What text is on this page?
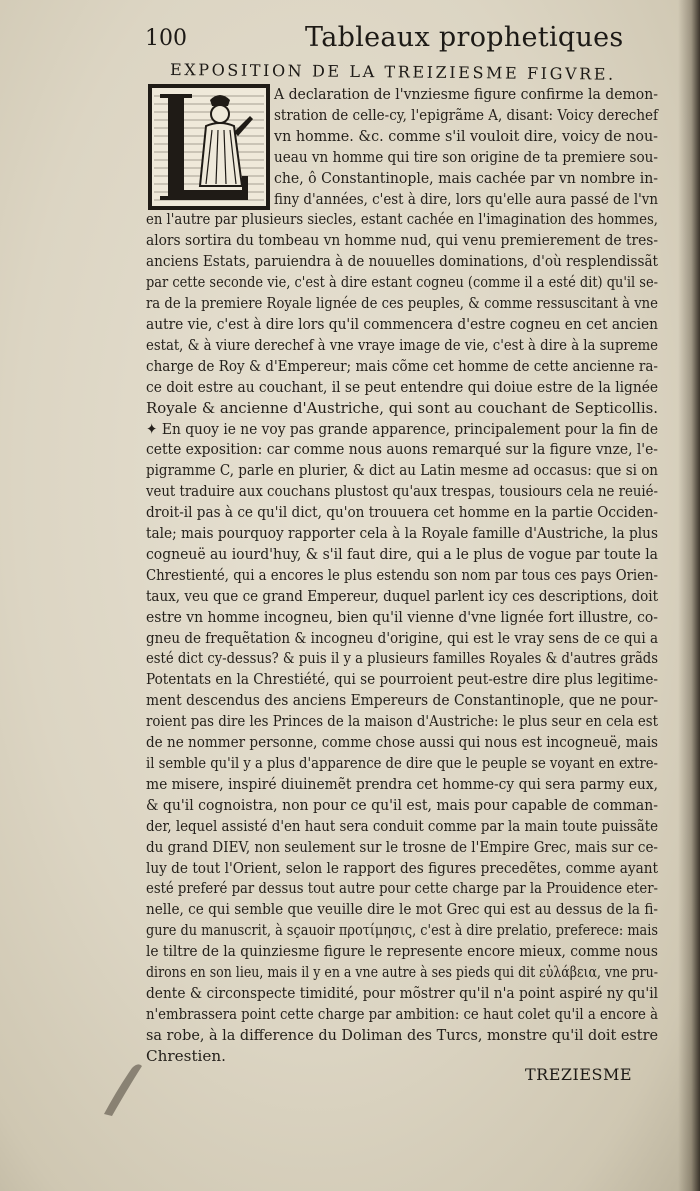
100	Tableaux prophetiques
EXPOSITION DE LA TREIZIESME FIGVRE.
A declaration de l'vnziesme figure confirme la demon-
stration de celle-cy, l'epigrãme A, disant: Voicy derechef
vn homme. &c. comme s'il vouloit dire, voicy de nou-
ueau vn homme qui tire son origine de ta premiere sou-
che, ô Constantinople, mais cachée par vn nombre in-
finy d'années, c'est à dire, lors qu'elle aura passé de l'vn
en l'autre par plusieurs siecles, estant cachée en l'imagination des hommes,
alors sortira du tombeau vn homme nud, qui venu premierement de tres-
anciens Estats, paruiendra à de nouuelles dominations, d'où resplendissãt
par cette seconde vie, c'est à dire estant cogneu (comme il a esté dit) qu'il se-
ra de la premiere Royale lignée de ces peuples, & comme ressuscitant à vne
autre vie, c'est à dire lors qu'il commencera d'estre cogneu en cet ancien
estat, & à viure derechef à vne vraye image de vie, c'est à dire à la supreme
charge de Roy & d'Empereur; mais cõme cet homme de cette ancienne ra-
ce doit estre au couchant, il se peut entendre qui doiue estre de la lignée
Royale & ancienne d'Austriche, qui sont au couchant de Septicollis.
✦ En quoy ie ne voy pas grande apparence, principalement pour la fin de
cette exposition: car comme nous auons remarqué sur la figure vnze, l'e-
pigramme C, parle en plurier, & dict au Latin mesme ad occasus: que si on
veut traduire aux couchans plustost qu'aux trespas, tousiours cela ne reuié-
droit-il pas à ce qu'il dict, qu'on trouuera cet homme en la partie Occiden-
tale; mais pourquoy rapporter cela à la Royale famille d'Austriche, la plus
cogneuë au iourd'huy, & s'il faut dire, qui a le plus de vogue par toute la
Chrestienté, qui a encores le plus estendu son nom par tous ces pays Orien-
taux, veu que ce grand Empereur, duquel parlent icy ces descriptions, doit
estre vn homme incogneu, bien qu'il vienne d'vne lignée fort illustre, co-
gneu de frequẽtation & incogneu d'origine, qui est le vray sens de ce qui a
esté dict cy-dessus? & puis il y a plusieurs familles Royales & d'autres grãds
Potentats en la Chrestiété, qui se pourroient peut-estre dire plus legitime-
ment descendus des anciens Empereurs de Constantinople, que ne pour-
roient pas dire les Princes de la maison d'Austriche: le plus seur en cela est
de ne nommer personne, comme chose aussi qui nous est incogneuë, mais
il semble qu'il y a plus d'apparence de dire que le peuple se voyant en extre-
me misere, inspiré diuinemẽt prendra cet homme-cy qui sera parmy eux,
& qu'il cognoistra, non pour ce qu'il est, mais pour capable de comman-
der, lequel assisté d'en haut sera conduit comme par la main toute puissãte
du grand DIEV, non seulement sur le trosne de l'Empire Grec, mais sur ce-
luy de tout l'Orient, selon le rapport des figures precedẽtes, comme ayant
esté preferé par dessus tout autre pour cette charge par la Prouidence eter-
nelle, ce qui semble que veuille dire le mot Grec qui est au dessus de la fi-
gure du manuscrit, à sçauoir προτίμησις, c'est à dire prelatio, preferece: mais
le tiltre de la quinziesme figure le represente encore mieux, comme nous
dirons en son lieu, mais il y en a vne autre à ses pieds qui dit εὐλάβεια, vne pru-
dente & circonspecte timidité, pour mõstrer qu'il n'a point aspiré ny qu'il
n'embrassera point cette charge par ambition: ce haut colet qu'il a encore à
sa robe, à la difference du Doliman des Turcs, monstre qu'il doit estre
Chrestien.
TREZIESME
